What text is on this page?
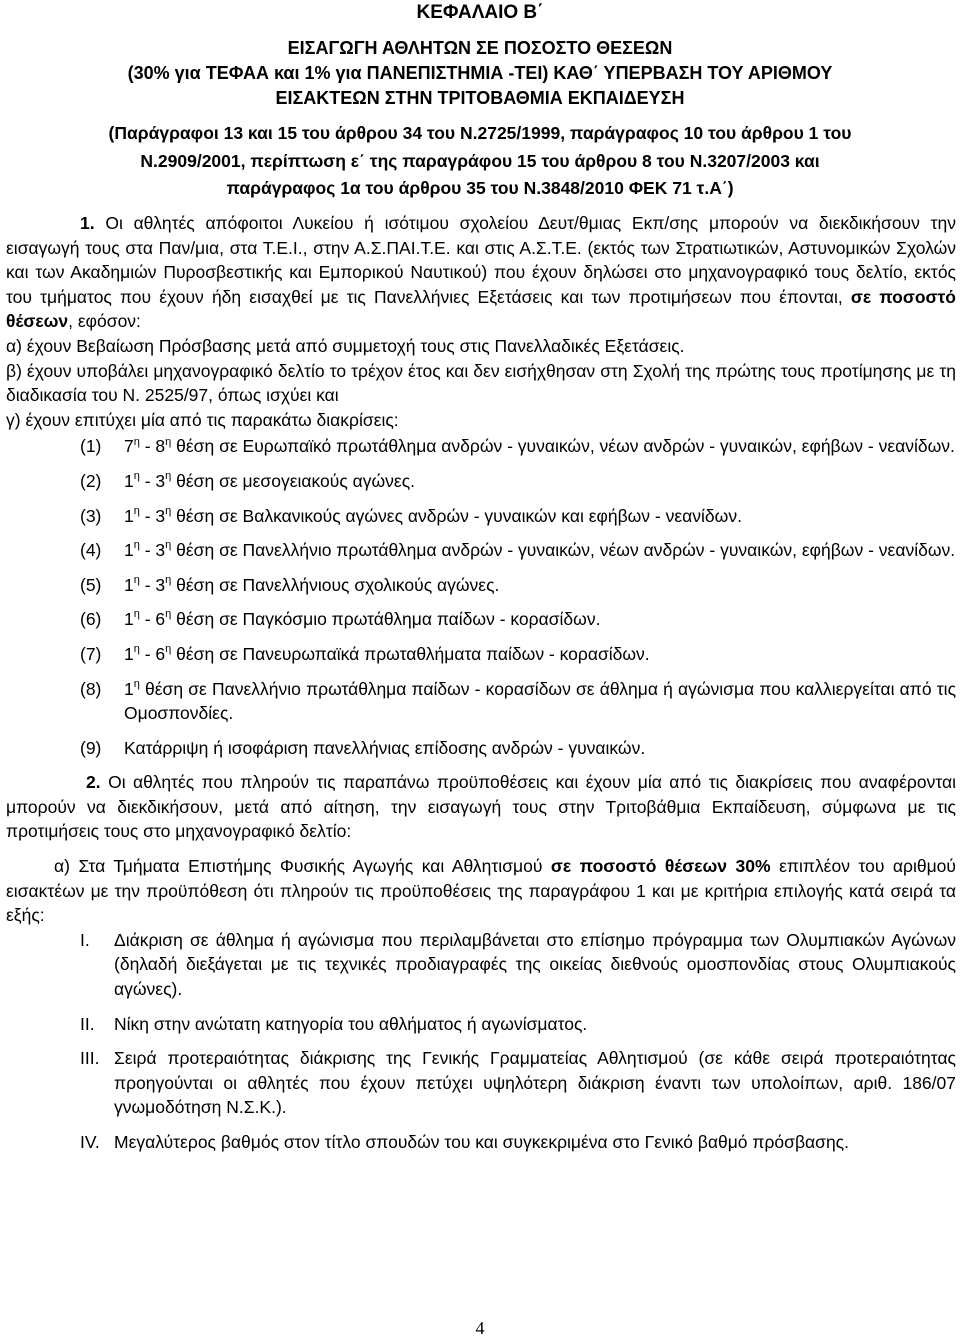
ΚΕΦΑΛΑΙΟ Β΄
ΕΙΣΑΓΩΓΗ ΑΘΛΗΤΩΝ ΣΕ ΠΟΣΟΣΤΟ ΘΕΣΕΩΝ
(30% για ΤΕΦΑΑ και 1% για ΠΑΝΕΠΙΣΤΗΜΙΑ -ΤΕΙ) ΚΑΘ΄ ΥΠΕΡΒΑΣΗ ΤΟΥ ΑΡΙΘΜΟΥ
ΕΙΣΑΚΤΕΩΝ ΣΤΗΝ ΤΡΙΤΟΒΑΘΜΙΑ ΕΚΠΑΙΔΕΥΣΗ
(Παράγραφοι 13 και 15 του άρθρου 34 του Ν.2725/1999, παράγραφος 10 του άρθρου 1 του
Ν.2909/2001, περίπτωση ε΄ της παραγράφου 15 του άρθρου 8 του Ν.3207/2003 και
παράγραφος 1α του άρθρου 35 του Ν.3848/2010 ΦΕΚ 71 τ.Α΄)

1. Οι αθλητές απόφοιτοι Λυκείου ή ισότιμου σχολείου Δευτ/θμιας Εκπ/σης μπορούν να διεκδικήσουν την εισαγωγή τους στα Παν/μια, στα Τ.Ε.Ι., στην Α.Σ.ΠΑΙ.Τ.Ε. και στις Α.Σ.Τ.Ε. (εκτός των Στρατιωτικών, Αστυνομικών Σχολών και των Ακαδημιών Πυροσβεστικής και Εμπορικού Ναυτικού) που έχουν δηλώσει στο μηχανογραφικό τους δελτίο, εκτός του τμήματος που έχουν ήδη εισαχθεί με τις Πανελλήνιες Εξετάσεις και των προτιμήσεων που έπονται, σε ποσοστό θέσεων, εφόσον:

α) έχουν Βεβαίωση Πρόσβασης μετά από συμμετοχή τους στις Πανελλαδικές Εξετάσεις.

β) έχουν υποβάλει μηχανογραφικό δελτίο το τρέχον έτος και δεν εισήχθησαν στη Σχολή της πρώτης τους προτίμησης με τη διαδικασία του Ν. 2525/97, όπως ισχύει και

γ) έχουν επιτύχει μία από τις παρακάτω διακρίσεις:

(1)	$7^\eta - 8^\eta$ θέση σε Ευρωπαϊκό πρωτάθλημα ανδρών - γυναικών, νέων ανδρών - γυναικών, εφήβων - νεανίδων.
(2)	$1^\eta - 3^\eta$ θέση σε μεσογειακούς αγώνες.
(3)	$1^\eta - 3^\eta$ θέση σε Βαλκανικούς αγώνες ανδρών - γυναικών και εφήβων - νεανίδων.
(4)	$1^\eta - 3^\eta$ θέση σε Πανελλήνιο πρωτάθλημα ανδρών - γυναικών, νέων ανδρών - γυναικών, εφήβων - νεανίδων.
(5)	$1^\eta - 3^\eta$ θέση σε Πανελλήνιους σχολικούς αγώνες.
(6)	$1^\eta - 6^\eta$ θέση σε Παγκόσμιο πρωτάθλημα παίδων - κορασίδων.
(7)	$1^\eta - 6^\eta$ θέση σε Πανευρωπαϊκά πρωταθλήματα παίδων - κορασίδων.
(8)	$1^\eta$ θέση σε Πανελλήνιο πρωτάθλημα παίδων - κορασίδων σε άθλημα ή αγώνισμα που καλλιεργείται από τις Ομοσπονδίες.
(9)	Κατάρριψη ή ισοφάριση πανελλήνιας επίδοσης ανδρών - γυναικών.

2. Οι αθλητές που πληρούν τις παραπάνω προϋποθέσεις και έχουν μία από τις διακρίσεις που αναφέρονται μπορούν να διεκδικήσουν, μετά από αίτηση, την εισαγωγή τους στην Τριτοβάθμια Εκπαίδευση, σύμφωνα με τις προτιμήσεις τους στο μηχανογραφικό δελτίο:

α) Στα Τμήματα Επιστήμης Φυσικής Αγωγής και Αθλητισμού σε ποσοστό θέσεων 30% επιπλέον του αριθμού εισακτέων με την προϋπόθεση ότι πληρούν τις προϋποθέσεις της παραγράφου 1 και με κριτήρια επιλογής κατά σειρά τα εξής:

I.	Διάκριση σε άθλημα ή αγώνισμα που περιλαμβάνεται στο επίσημο πρόγραμμα των Ολυμπιακών Αγώνων (δηλαδή διεξάγεται με τις τεχνικές προδιαγραφές της οικείας διεθνούς ομοσπονδίας στους Ολυμπιακούς αγώνες).
II.	Νίκη στην ανώτατη κατηγορία του αθλήματος ή αγωνίσματος.
III. Σειρά προτεραιότητας διάκρισης της Γενικής Γραμματείας Αθλητισμού (σε κάθε σειρά προτεραιότητας προηγούνται οι αθλητές που έχουν πετύχει υψηλότερη διάκριση έναντι των υπολοίπων, αριθ. 186/07 γνωμοδότηση Ν.Σ.Κ.).
IV. Μεγαλύτερος βαθμός στον τίτλο σπουδών του και συγκεκριμένα στο Γενικό βαθμό πρόσβασης.
4
